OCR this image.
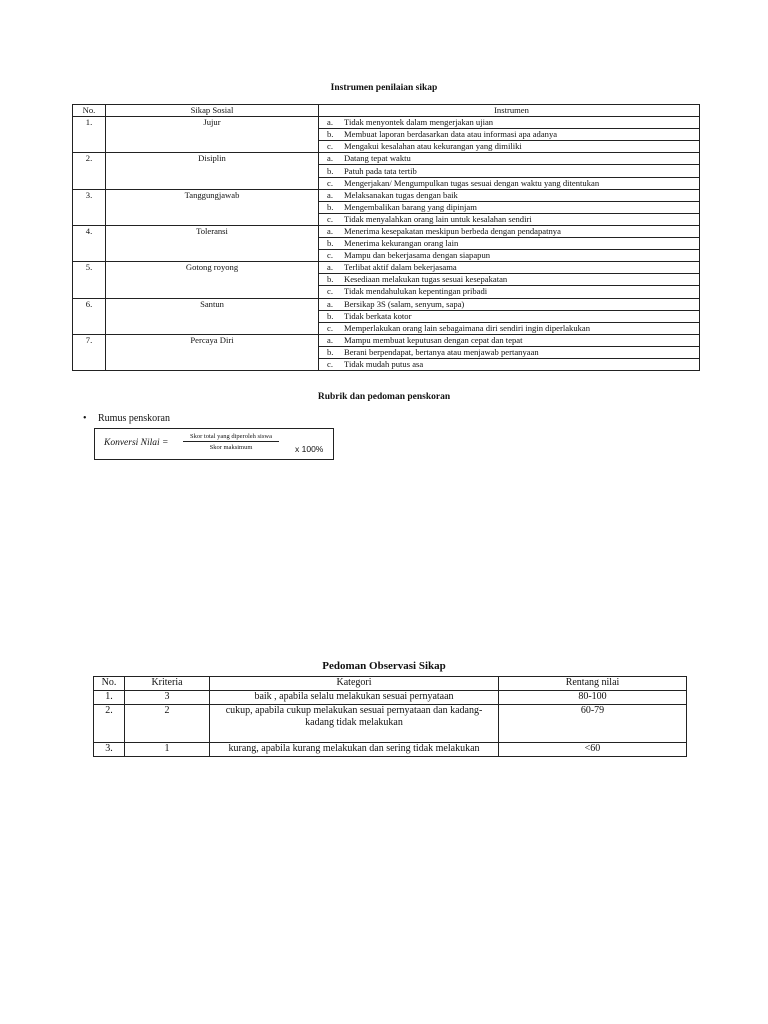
Instrumen penilaian sikap
No.	Sikap Sosial	Instrumen
1.	Jujur	a. Tidak menyontek dalam mengerjakan ujian
		b. Membuat laporan berdasarkan data atau informasi apa adanya
		c. Mengakui kesalahan atau kekurangan yang dimiliki
2.	Disiplin	a. Datang tepat waktu
		b. Patuh pada tata tertib
		c. Mengerjakan/ Mengumpulkan tugas sesuai dengan waktu yang ditentukan
3.	Tanggungjawab	a. Melaksanakan tugas dengan baik
		b. Mengembalikan barang yang dipinjam
		c. Tidak menyalahkan orang lain untuk kesalahan sendiri
4.	Toleransi	a. Menerima kesepakatan meskipun berbeda dengan pendapatnya
		b. Menerima kekurangan orang lain
		c. Mampu dan bekerjasama dengan siapapun
5.	Gotong royong	a. Terlibat aktif dalam bekerjasama
		b. Kesediaan melakukan tugas sesuai kesepakatan
		c. Tidak mendahulukan kepentingan pribadi
6.	Santun	a. Bersikap 3S (salam, senyum, sapa)
		b. Tidak berkata kotor
		c. Memperlakukan orang lain sebagaimana diri sendiri ingin diperlakukan
7.	Percaya Diri	a. Mampu membuat keputusan dengan cepat dan tepat
		b. Berani berpendapat, bertanya atau menjawab pertanyaan
		c. Tidak mudah putus asa
Rubrik dan pedoman penskoran
• Rumus penskoran
Konversi Nilai =
Skor total yang diperoleh siswa
Skor maksimum	x 100%
Pedoman Observasi Sikap
No.	Kriteria	Kategori	Rentang nilai
1.	3	baik , apabila selalu melakukan sesuai pernyataan	80-100
2.	2	cukup, apabila cukup melakukan sesuai pernyataan dan kadang-kadang tidak melakukan	60-79
3.	1	kurang, apabila kurang melakukan dan sering tidak melakukan	<60
